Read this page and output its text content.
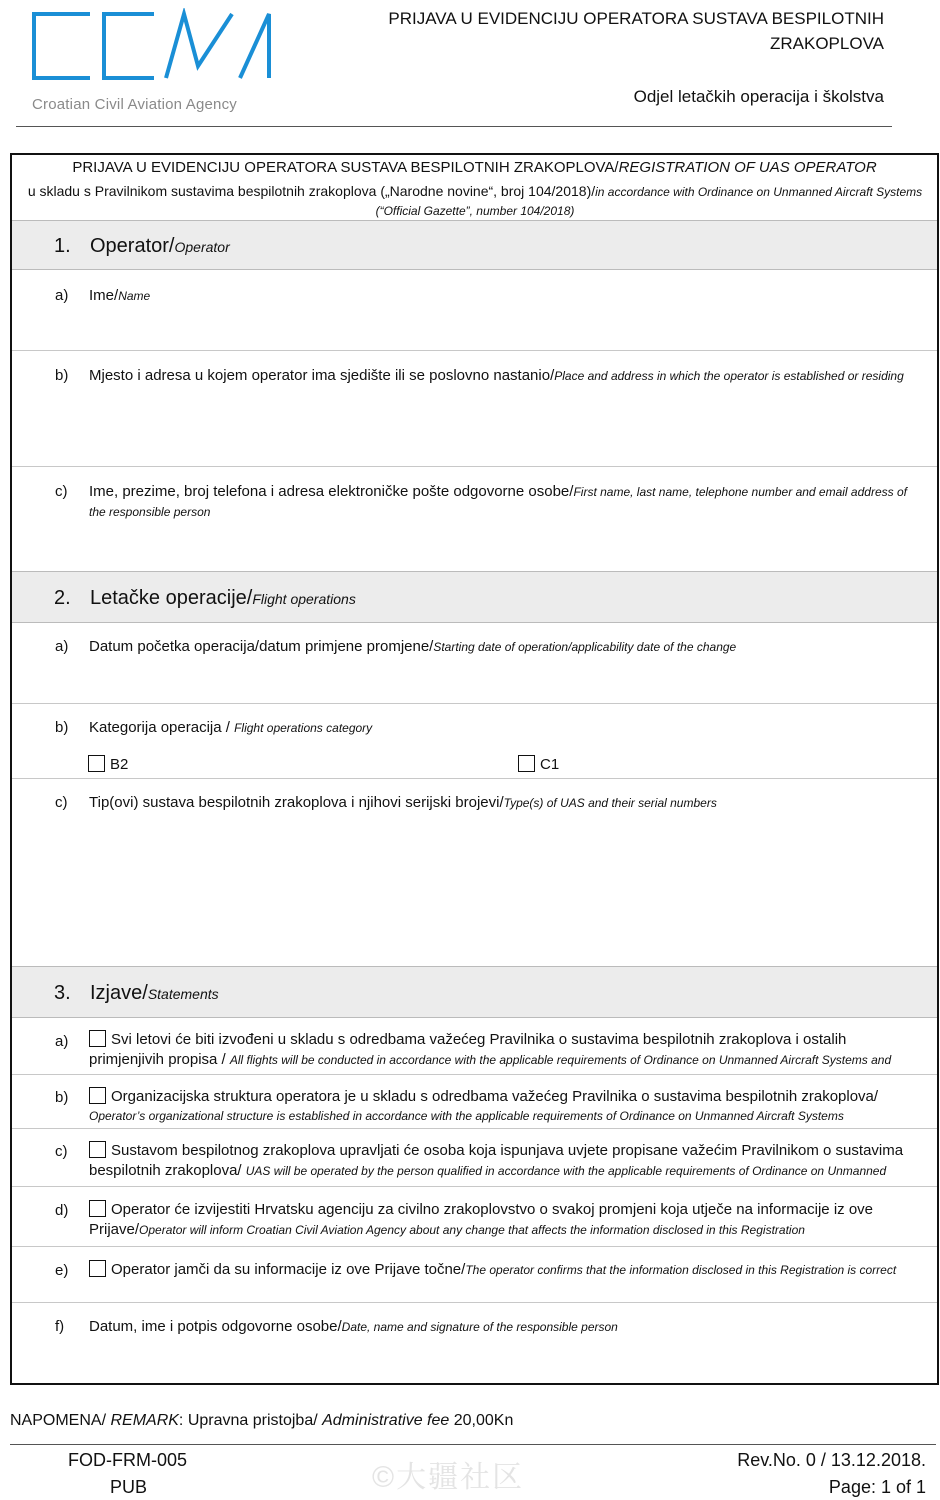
Croatian Civil Aviation Agency
PRIJAVA U EVIDENCIJU OPERATORA SUSTAVA BESPILOTNIH ZRAKOPLOVA
Odjel letačkih operacija i školstva
PRIJAVA U EVIDENCIJU OPERATORA SUSTAVA BESPILOTNIH ZRAKOPLOVA/REGISTRATION OF UAS OPERATOR
u skladu s Pravilnikom sustavima bespilotnih zrakoplova („Narodne novine“, broj 104/2018)/in accordance with Ordinance on Unmanned Aircraft Systems (“Official Gazette”, number 104/2018)
1. Operator/Operator
a) Ime/Name
b) Mjesto i adresa u kojem operator ima sjedište ili se poslovno nastanio/Place and address in which the operator is established or residing
c) Ime, prezime, broj telefona i adresa elektroničke pošte odgovorne osobe/First name, last name, telephone number and email address of the responsible person
2. Letačke operacije/Flight operations
a) Datum početka operacija/datum primjene promjene/Starting date of operation/applicability date of the change
b) Kategorija operacija / Flight operations category
B2	C1
c) Tip(ovi) sustava bespilotnih zrakoplova i njihovi serijski brojevi/Type(s) of UAS and their serial numbers
3. Izjave/Statements
a)	Svi letovi će biti izvođeni u skladu s odredbama važećeg Pravilnika o sustavima bespilotnih zrakoplova i ostalih primjenjivih propisa / All flights will be conducted in accordance with the applicable requirements of Ordinance on Unmanned Aircraft Systems and
b)	Organizacijska struktura operatora je u skladu s odredbama važećeg Pravilnika o sustavima bespilotnih zrakoplova/
Operator’s organizational structure is established in accordance with the applicable requirements of Ordinance on Unmanned Aircraft Systems
c)	Sustavom bespilotnog zrakoplova upravljati će osoba koja ispunjava uvjete propisane važećim Pravilnikom o sustavima bespilotnih zrakoplova/ UAS will be operated by the person qualified in accordance with the applicable requirements of Ordinance on Unmanned
d)	Operator će izvijestiti Hrvatsku agenciju za civilno zrakoplovstvo o svakoj promjeni koja utječe na informacije iz ove Prijave/Operator will inform Croatian Civil Aviation Agency about any change that affects the information disclosed in this Registration
e)	Operator jamči da su informacije iz ove Prijave točne/The operator confirms that the information disclosed in this Registration is correct
f) Datum, ime i potpis odgovorne osobe/Date, name and signature of the responsible person
NAPOMENA/ REMARK: Upravna pristojba/ Administrative fee 20,00Kn
FOD-FRM-005
PUB	©大疆社区
Rev.No. 0 / 13.12.2018.
Page: 1 of 1
